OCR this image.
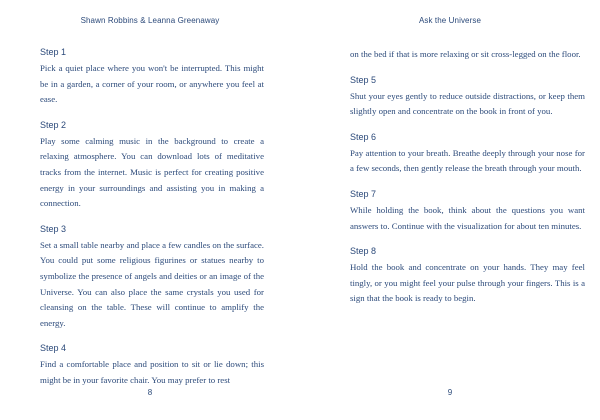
Shawn Robbins & Leanna Greenaway

Step 1

Pick a quiet place where you won't be interrupted. This might be in a garden, a corner of your room, or anywhere you feel at ease.

Step 2

Play some calming music in the background to create a relaxing atmosphere. You can download lots of meditative tracks from the internet. Music is perfect for creating positive energy in your surroundings and assisting you in making a connection.

Step 3

Set a small table nearby and place a few candles on the surface. You could put some religious figurines or statues nearby to symbolize the presence of angels and deities or an image of the Universe. You can also place the same crystals you used for cleansing on the table. These will continue to amplify the energy.

Step 4

Find a comfortable place and position to sit or lie down; this might be in your favorite chair. You may prefer to rest

8
Ask the Universe

on the bed if that is more relaxing or sit cross-legged on the floor.

Step 5

Shut your eyes gently to reduce outside distractions, or keep them slightly open and concentrate on the book in front of you.

Step 6

Pay attention to your breath. Breathe deeply through your nose for a few seconds, then gently release the breath through your mouth.

Step 7

While holding the book, think about the questions you want answers to. Continue with the visualization for about ten minutes.

Step 8

Hold the book and concentrate on your hands. They may feel tingly, or you might feel your pulse through your fingers. This is a sign that the book is ready to begin.

9
